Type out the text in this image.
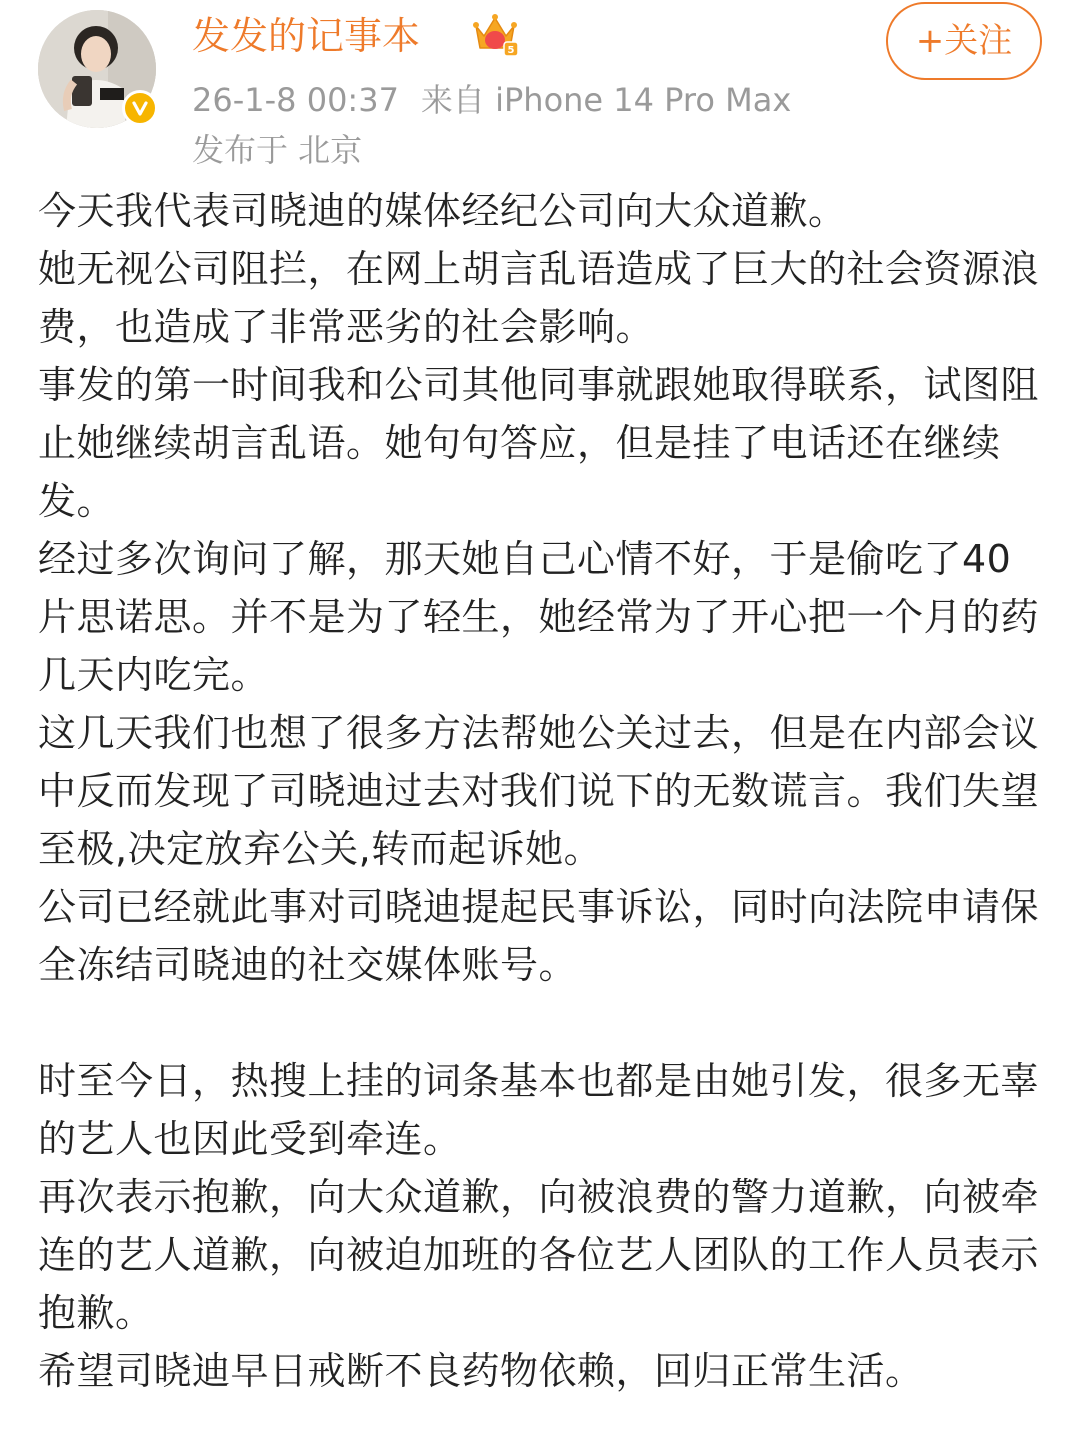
发发的记事本	5
26-1-8 00:37 来自 iPhone 14 Pro Max
发布于 北京
+关注

今天我代表司晓迪的媒体经纪公司向大众道歉。

她无视公司阻拦，在网上胡言乱语造成了巨大的社会资源浪费，也造成了非常恶劣的社会影响。

事发的第一时间我和公司其他同事就跟她取得联系，试图阻止她继续胡言乱语。她句句答应，但是挂了电话还在继续发。

经过多次询问了解，那天她自己心情不好，于是偷吃了40片思诺思。并不是为了轻生，她经常为了开心把一个月的药几天内吃完。

这几天我们也想了很多方法帮她公关过去，但是在内部会议中反而发现了司晓迪过去对我们说下的无数谎言。我们失望至极,决定放弃公关,转而起诉她。

公司已经就此事对司晓迪提起民事诉讼，同时向法院申请保全冻结司晓迪的社交媒体账号。

时至今日，热搜上挂的词条基本也都是由她引发，很多无辜的艺人也因此受到牵连。

再次表示抱歉，向大众道歉，向被浪费的警力道歉，向被牵连的艺人道歉，向被迫加班的各位艺人团队的工作人员表示抱歉。

希望司晓迪早日戒断不良药物依赖，回归正常生活。
